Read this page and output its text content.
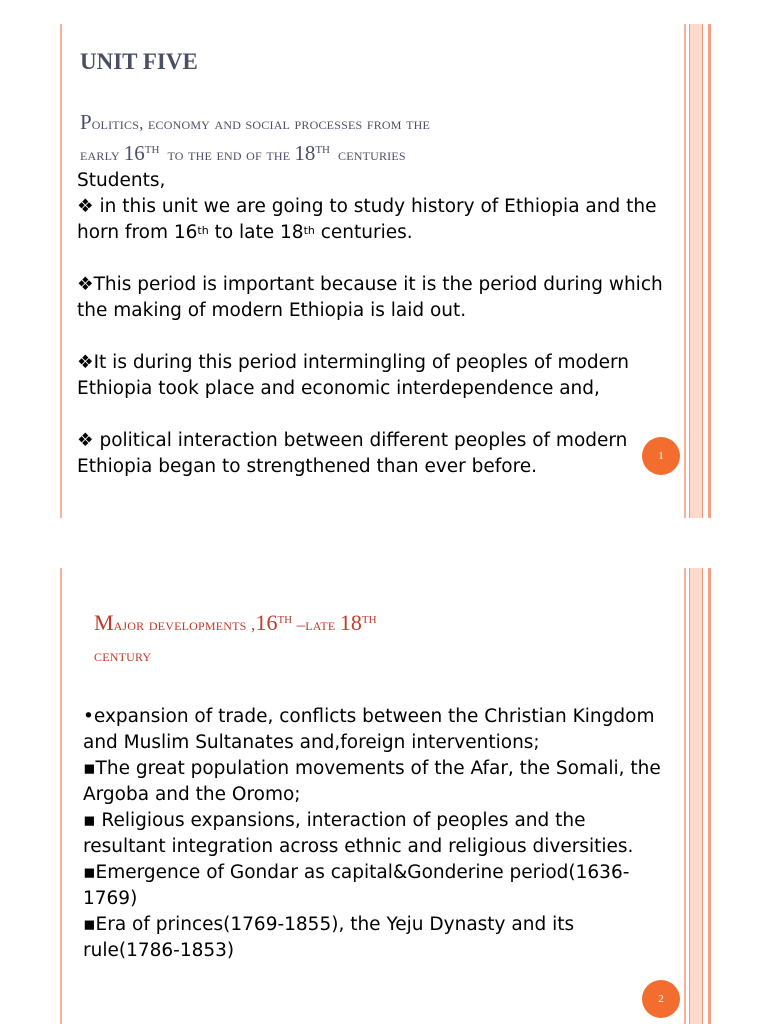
UNIT FIVE
Politics, economy and social processes from the
early 16TH to the end of the 18TH centuries

Students,

❖ in this unit we are going to study history of Ethiopia and the

horn from 16th to late 18th centuries.

❖This period is important because it is the period during which

the making of modern Ethiopia is laid out.

❖It is during this period intermingling of peoples of modern

Ethiopia took place and economic interdependence and,

❖ political interaction between different peoples of modern

Ethiopia began to strengthened than ever before.	1
Major developments ,16TH –late 18TH
century

•expansion of trade, conflicts between the Christian Kingdom

and Muslim Sultanates and,foreign interventions;

▪The great population movements of the Afar, the Somali, the

Argoba and the Oromo;

▪ Religious expansions, interaction of peoples and the

resultant integration across ethnic and religious diversities.

▪Emergence of Gondar as capital&Gonderine period(1636-

1769)

▪Era of princes(1769-1855), the Yeju Dynasty and its

rule(1786-1853)

2
